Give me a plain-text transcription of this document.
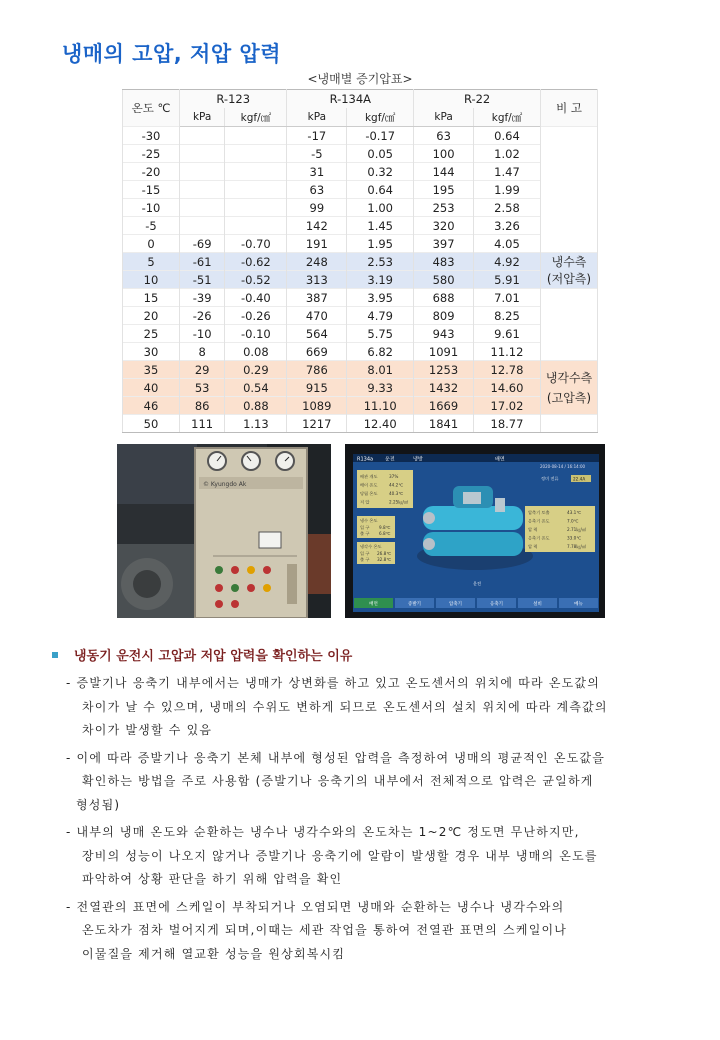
냉매의 고압, 저압 압력
<냉매별 증기압표>
온도 ℃	R-123		R-134A		R-22		비 고
	kPa	kgf/㎠	kPa	kgf/㎠	kPa	kgf/㎠	
-30			-17	-0.17	63	0.64	
-25			-5	0.05	100	1.02	
-20			31	0.32	144	1.47	
-15			63	0.64	195	1.99	
-10			99	1.00	253	2.58	
-5			142	1.45	320	3.26	
0	-69	-0.70	191	1.95	397	4.05	
5	-61	-0.62	248	2.53	483	4.92	냉수측
(저압측)

10	-51	-0.52	313	3.19	580	5.91	
15	-39	-0.40	387	3.95	688	7.01	
20	-26	-0.26	470	4.79	809	8.25	
25	-10	-0.10	564	5.75	943	9.61	
30	8	0.08	669	6.82	1091	11.12	
35	29	0.29	786	8.01	1253	12.78	냉각수측
(고압측)

40	53	0.54	915	9.33	1432	14.60	
46	86	0.88	1089	11.10	1669	17.02	
50	111	1.13	1217	12.40	1841	18.77	
© Kyungdo Ak
R134a 운전	냉방	배면
2020-08-14 / 16:14:00
정미 전류	22.4A
배관 개도	37%
배이 온도	44.2℃
당립 온도	40.3℃
저 압	2.25㎏/㎠
냉수 온도
입 구 9.8℃
출 구 6.8℃
냉각수 온도
입 구 26.8℃
출 구 32.8℃
압축기 토출	43.1℃
응축기 온도	7.0℃
압 력	2.71㎏/㎠
응축기 온도	33.0℃
압 력	7.78㎏/㎠
운전
배면	증발기	압축기	응축기	설비	메뉴
냉동기 운전시 고압과 저압 압력을 확인하는 이유

- 증발기나 응축기 내부에서는 냉매가 상변화를 하고 있고 온도센서의 위치에 따라 온도값의

차이가 날 수 있으며, 냉매의 수위도 변하게 되므로 온도센서의 설치 위치에 따라 계측값의

차이가 발생할 수 있음

- 이에 따라 증발기나 응축기 본체 내부에 형성된 압력을 측정하여 냉매의 평균적인 온도값을

확인하는 방법을 주로 사용함 (증발기나 응축기의 내부에서 전체적으로 압력은 균일하게

형성됨)

- 내부의 냉매 온도와 순환하는 냉수나 냉각수와의 온도차는 1~2℃ 정도면 무난하지만,

장비의 성능이 나오지 않거나 증발기나 응축기에 알람이 발생할 경우 내부 냉매의 온도를

파악하여 상황 판단을 하기 위해 압력을 확인

- 전열관의 표면에 스케일이 부착되거나 오염되면 냉매와 순환하는 냉수나 냉각수와의

온도차가 점차 벌어지게 되며,이때는 세관 작업을 통하여 전열관 표면의 스케일이나

이물질을 제거해 열교환 성능을 원상회복시킴
